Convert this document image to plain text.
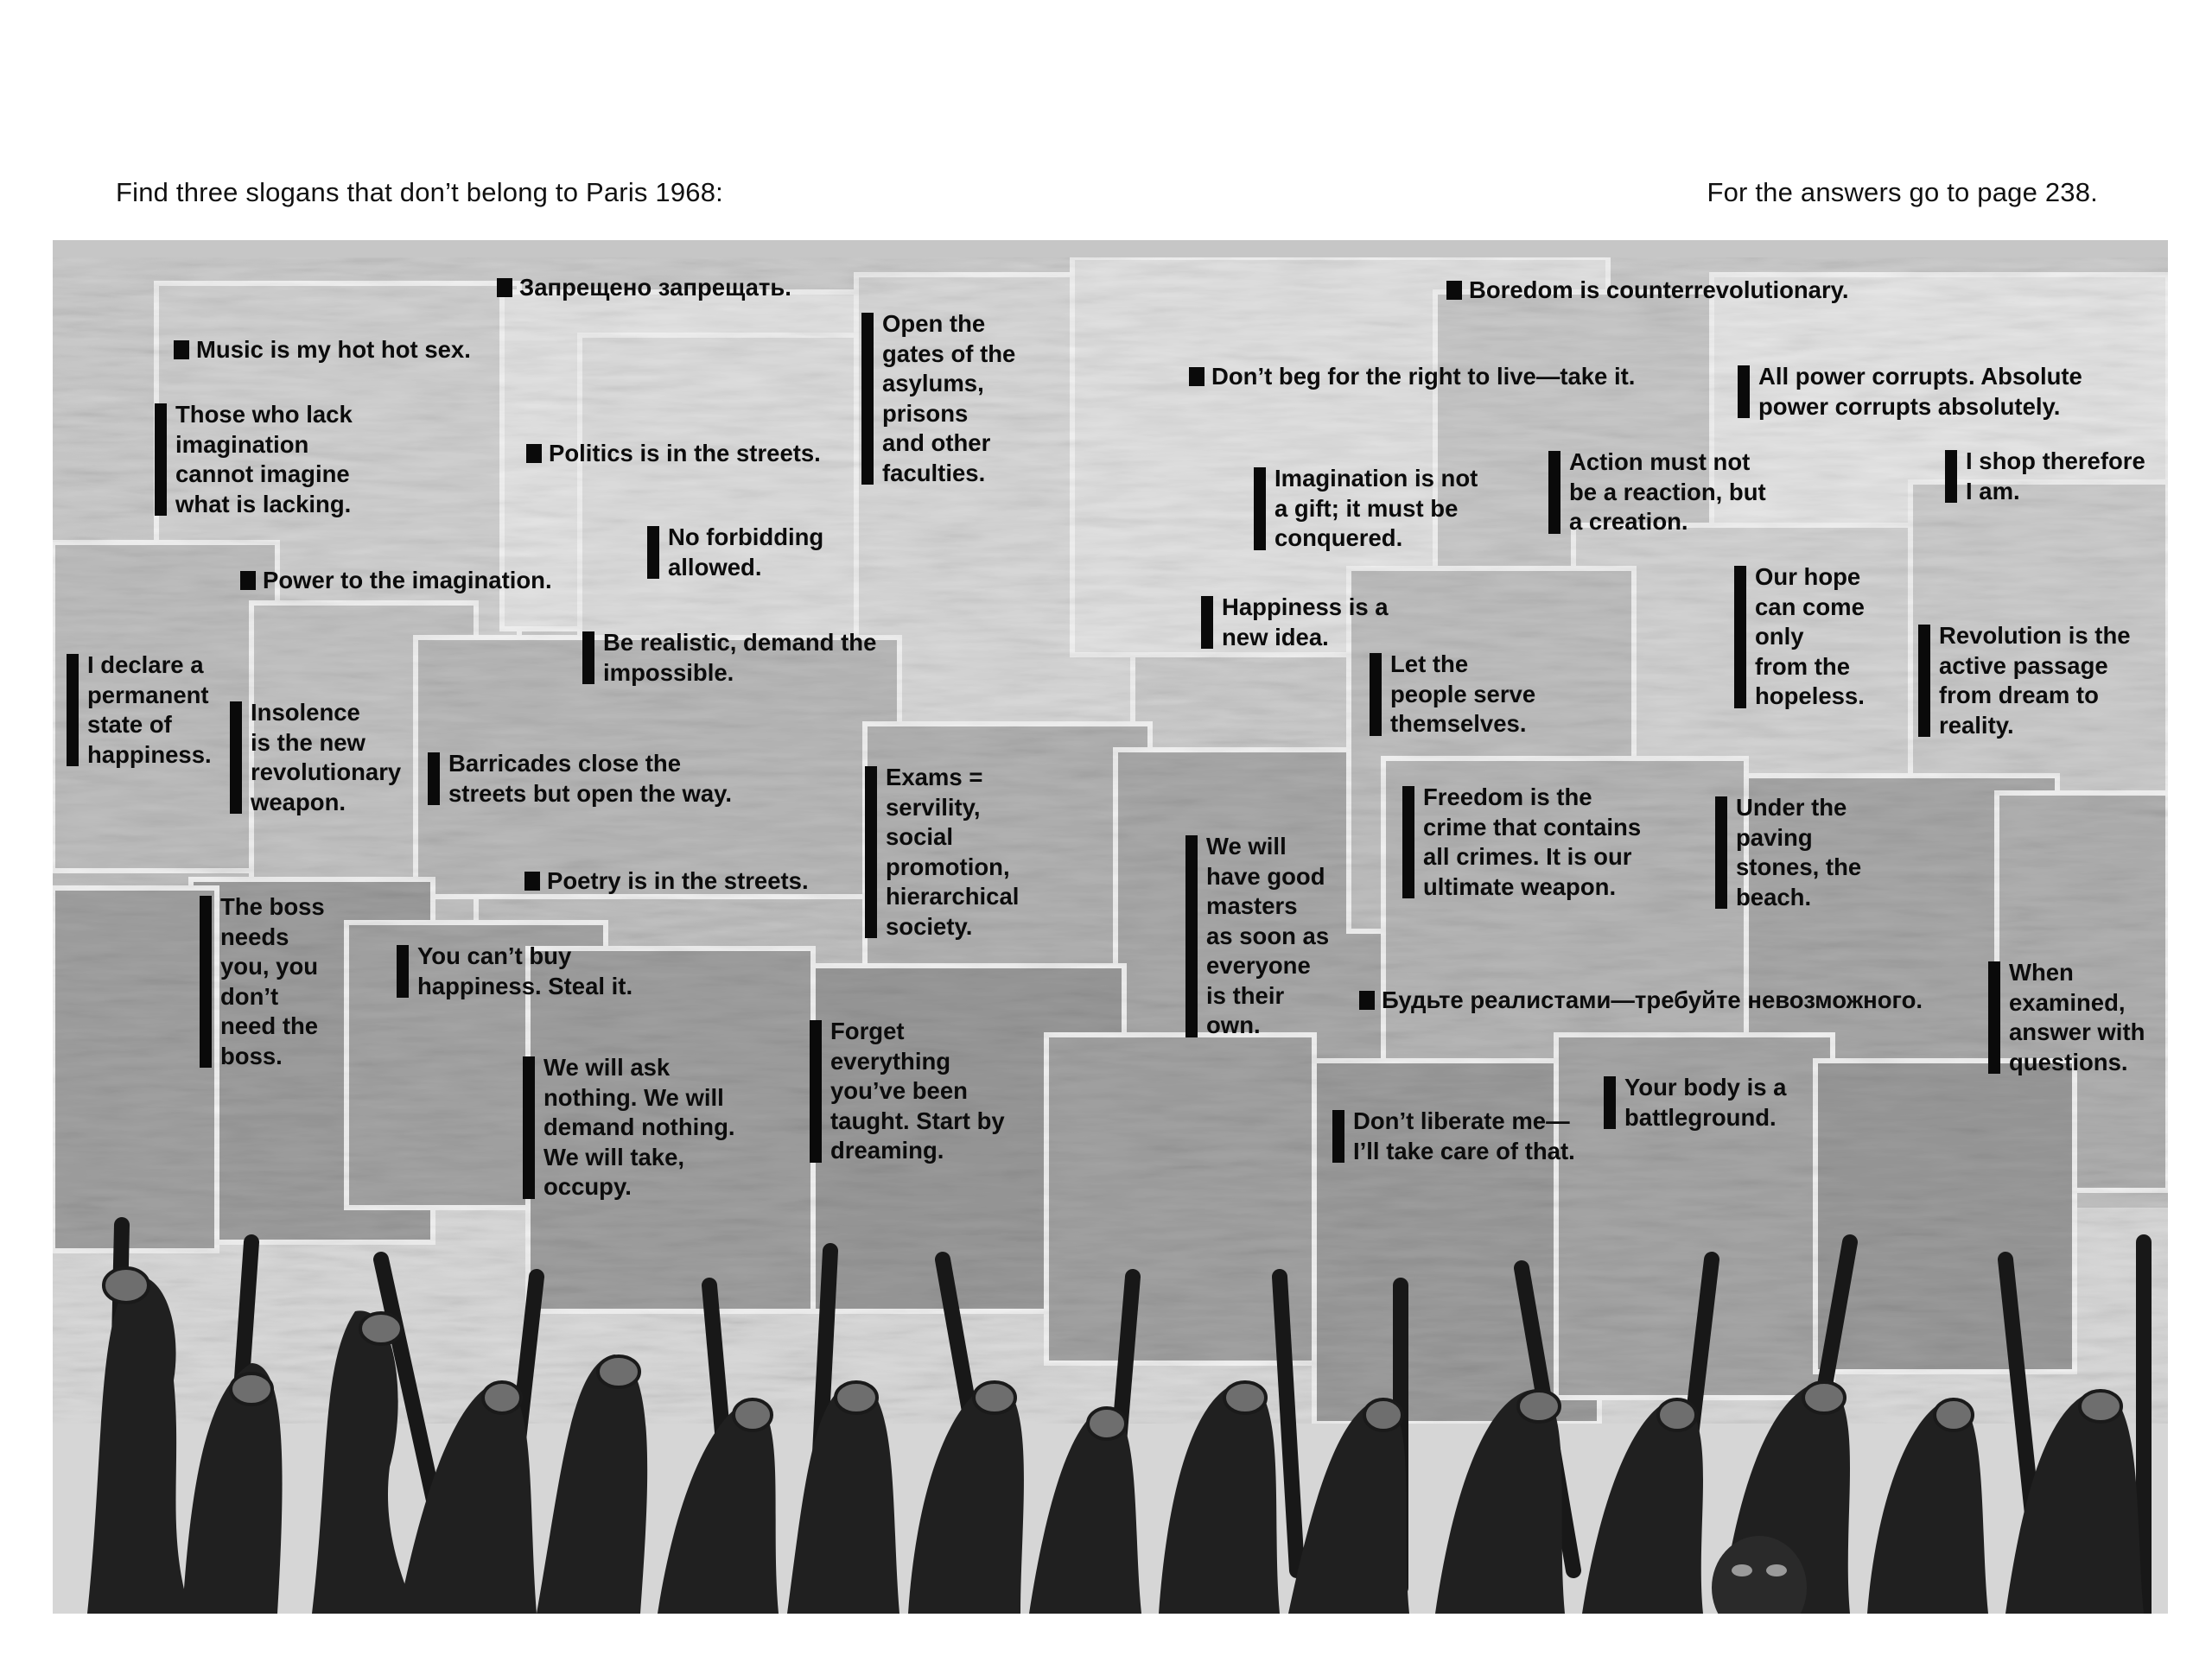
Find three slogans that don’t belong to Paris 1968:	For the answers go to page 238.
Запрещено запрещать.
Music is my hot hot sex.
Those who lack
imagination
cannot imagine
what is lacking.
Politics is in the streets.
Open the
gates of the
asylums,
prisons
and other
faculties.
No forbidding
allowed.
Power to the imagination.
Be realistic, demand the
impossible.
I declare a
permanent
state of
happiness.
Insolence
is the new
revolutionary
weapon.
Barricades close the
streets but open the way.
Exams =
servility,
social
promotion,
hierarchical
society.
Poetry is in the streets.
The boss
needs
you, you
don’t
need the
boss.
You can’t buy
happiness. Steal it.
We will ask
nothing. We will
demand nothing.
We will take,
occupy.
Forget
everything
you’ve been
taught. Start by
dreaming.
Boredom is counterrevolutionary.
Don’t beg for the right to live—take it.	All power corrupts. Absolute
power corrupts absolutely.
Imagination is not
a gift; it must be
conquered.
Action must not
be a reaction, but
a creation.
I shop therefore
I am.
Happiness is a
new idea.
Our hope
can come
only
from the
hopeless.
Let the
people serve
themselves.
Revolution is the
active passage
from dream to
reality.
We will
have good
masters
as soon as
everyone
is their
own.
Freedom is the
crime that contains
all crimes. It is our
ultimate weapon.
Under the
paving
stones, the
beach.
Будьте реалистами—требуйте невозможного.
When
examined,
answer with
questions.
Your body is a
battleground.
Don’t liberate me—
I’ll take care of that.
